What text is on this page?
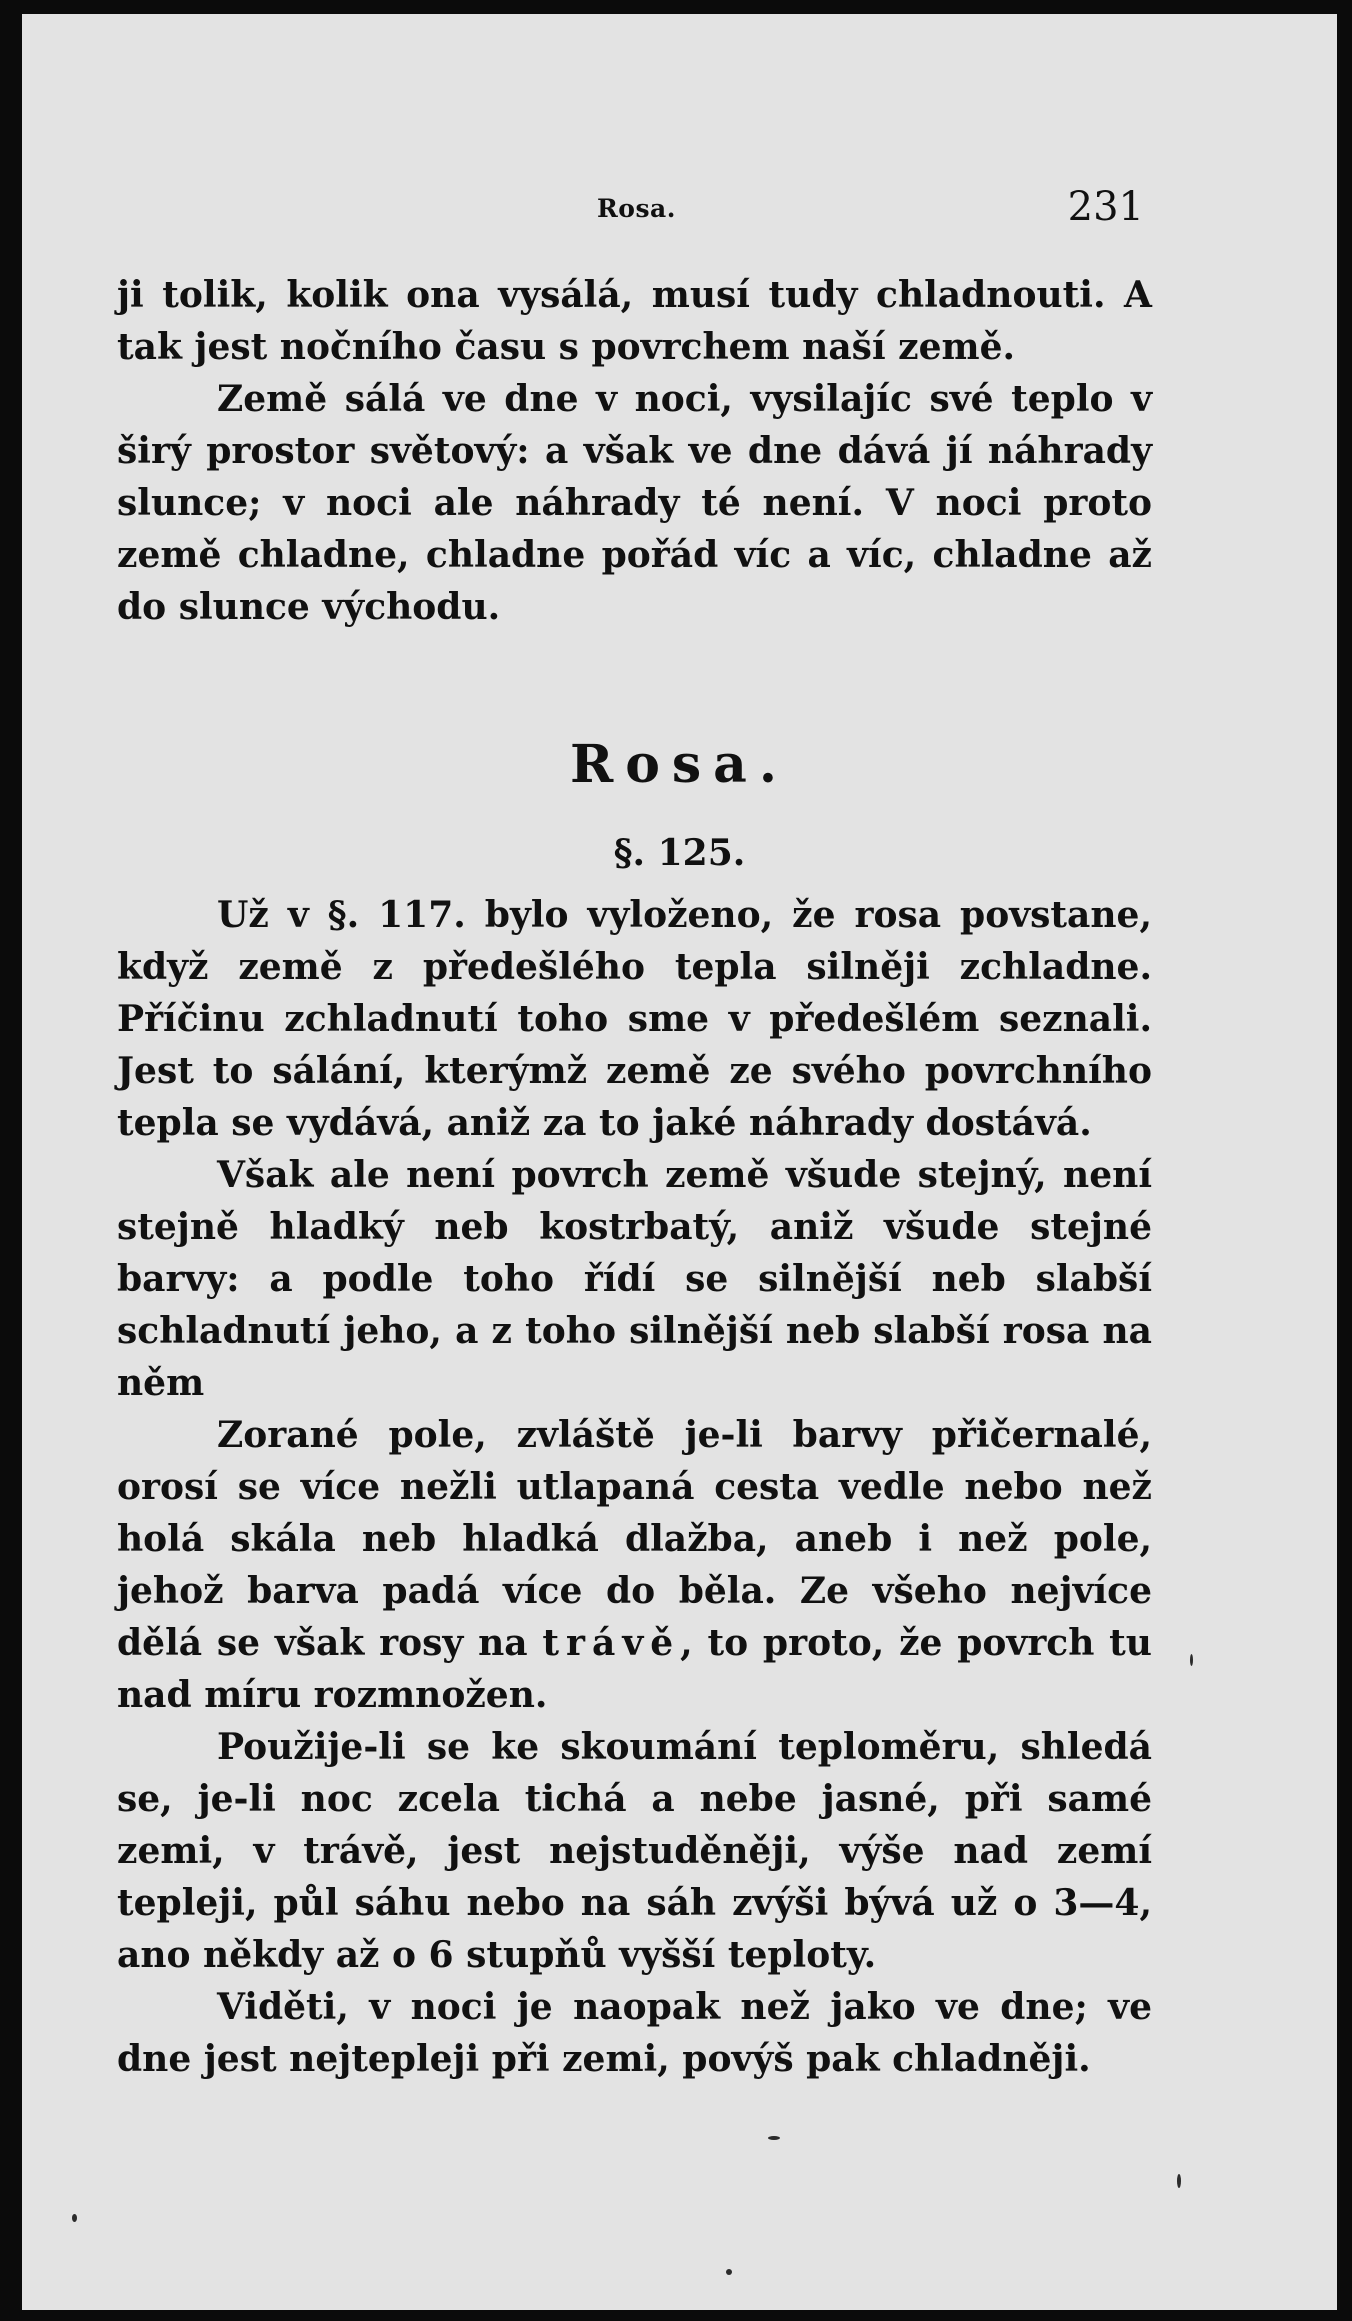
Rosa.	231

ji tolik, kolik ona vysálá, musí tudy chladnouti. A tak jest nočního času s povrchem naší země.

Země sálá ve dne v noci, vysilajíc své teplo v širý prostor světový: a však ve dne dává jí náhrady slunce; v noci ale náhrady té není. V noci proto země chladne, chladne pořád víc a víc, chladne až do slunce východu.

Rosa.
§. 125.

Už v §. 117. bylo vyloženo, že rosa povstane, když země z předešlého tepla silněji zchladne. Příčinu zchladnutí toho sme v předešlém seznali. Jest to sálání, kterýmž země ze svého povrchního tepla se vydává, aniž za to jaké náhrady dostává.

Však ale není povrch země všude stejný, není stejně hladký neb kostrbatý, aniž všude stejné barvy: a podle toho řídí se silnější neb slabší schladnutí jeho, a z toho silnější neb slabší rosa na něm

Zorané pole, zvláště je-li barvy přičernalé, orosí se více nežli utlapaná cesta vedle nebo než holá skála neb hladká dlažba, aneb i než pole, jehož barva padá více do běla. Ze všeho nejvíce dělá se však rosy na trávě, to proto, že povrch tu nad míru rozmnožen.

Použije-li se ke skoumání teploměru, shledá se, je-li noc zcela tichá a nebe jasné, při samé zemi, v trávě, jest nejstuděněji, výše nad zemí tepleji, půl sáhu nebo na sáh zvýši bývá už o 3—4, ano někdy až o 6 stupňů vyšší teploty.

Viděti, v noci je naopak než jako ve dne; ve dne jest nejtepleji při zemi, povýš pak chladněji.
